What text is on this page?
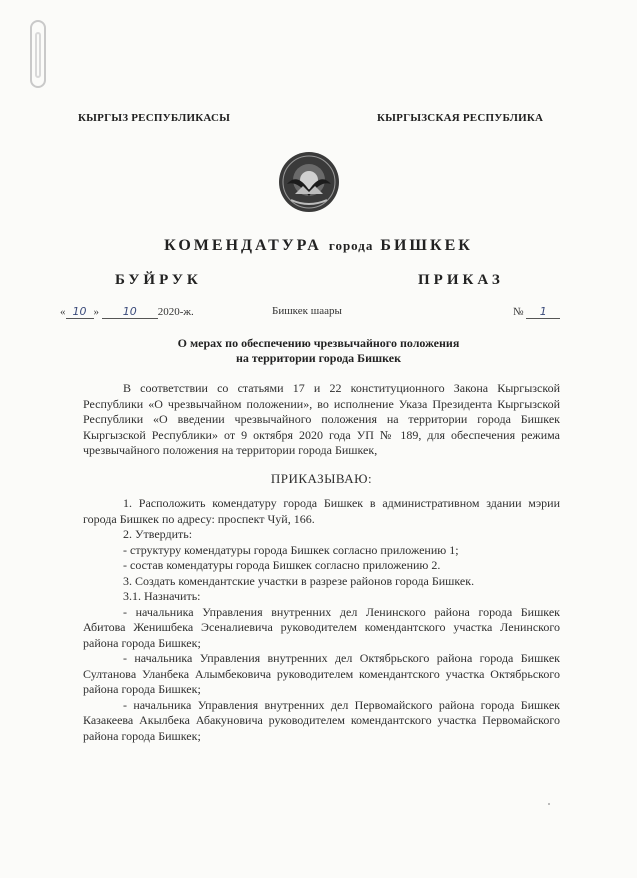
КЫРГЫЗ РЕСПУБЛИКАСЫ	КЫРГЫЗСКАЯ РЕСПУБЛИКА
КОМЕНДАТУРА города БИШКЕК
БУЙРУК	ПРИКАЗ
« 10 » 10 2020-ж.	Бишкек шаары	№ 1
О мерах по обеспечению чрезвычайного положения
на территории города Бишкек

В соответствии со статьями 17 и 22 конституционного Закона Кыргызской Республики «О чрезвычайном положении», во исполнение Указа Президента Кыргызской Республики «О введении чрезвычайного положения на территории города Бишкек Кыргызской Республики» от 9 октября 2020 года УП № 189, для обеспечения режима чрезвычайного положения на территории города Бишкек,

ПРИКАЗЫВАЮ:

1. Расположить комендатуру города Бишкек в административном здании мэрии города Бишкек по адресу: проспект Чуй, 166.

2. Утвердить:

- структуру комендатуры города Бишкек согласно приложению 1;

- состав комендатуры города Бишкек согласно приложению 2.

3. Создать комендантские участки в разрезе районов города Бишкек.

3.1. Назначить:

- начальника Управления внутренних дел Ленинского района города Бишкек Абитова Женишбека Эсеналиевича руководителем комендантского участка Ленинского района города Бишкек;

- начальника Управления внутренних дел Октябрьского района города Бишкек Султанова Уланбека Алымбековича руководителем комендантского участка Октябрьского района города Бишкек;

- начальника Управления внутренних дел Первомайского района города Бишкек Казакеева Акылбека Абакуновича руководителем комендантского участка Первомайского района города Бишкек;
